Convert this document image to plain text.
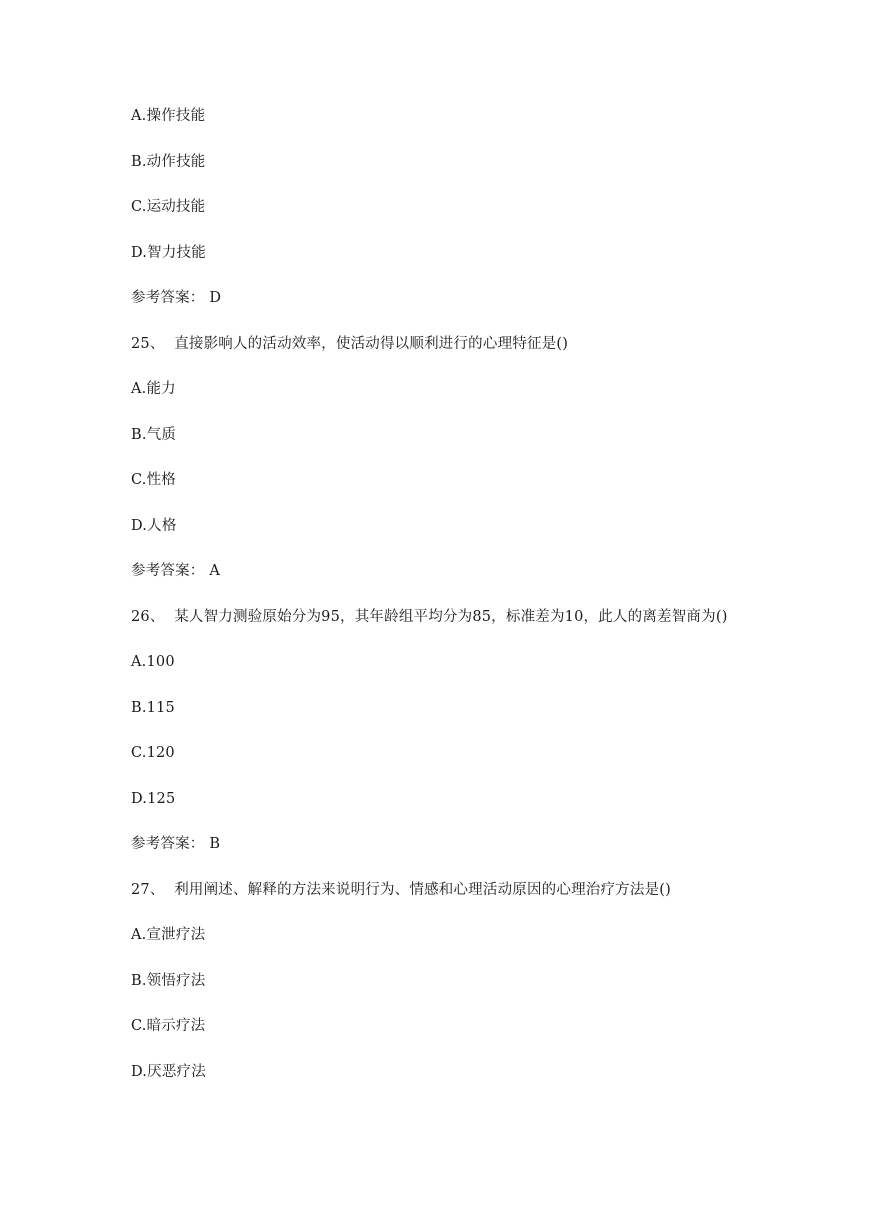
A.操作技能
B.动作技能
C.运动技能
D.智力技能
参考答案： D
25、 直接影响人的活动效率，使活动得以顺利进行的心理特征是()
A.能力
B.气质
C.性格
D.人格
参考答案： A
26、 某人智力测验原始分为95，其年龄组平均分为85，标准差为10，此人的离差智商为()
A.100
B.115
C.120
D.125
参考答案： B
27、 利用阐述、解释的方法来说明行为、情感和心理活动原因的心理治疗方法是()
A.宣泄疗法
B.领悟疗法
C.暗示疗法
D.厌恶疗法
